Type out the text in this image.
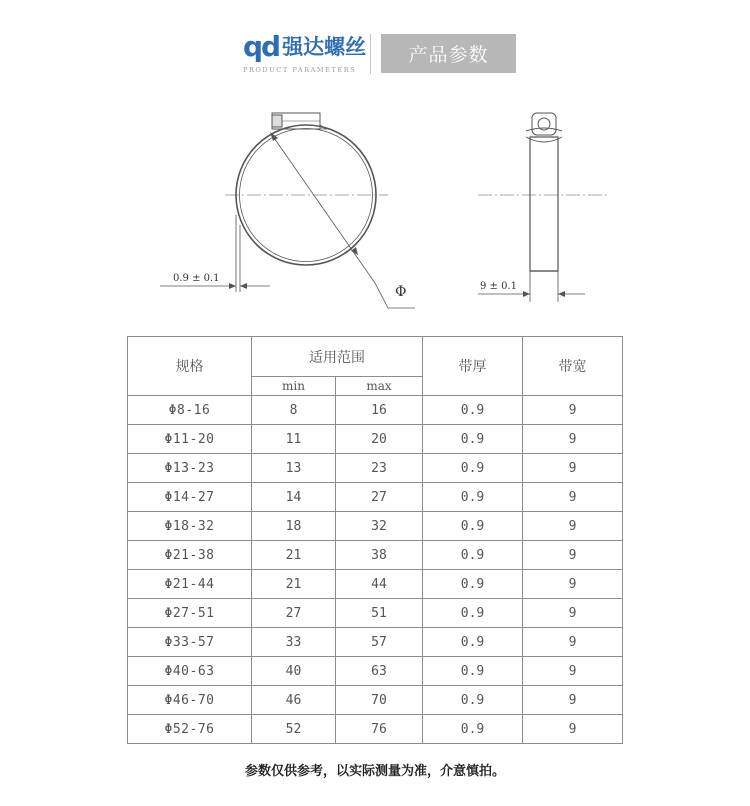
qd 强达螺丝
PRODUCT PARAMETERS
产品参数
0.9 ± 0.1
Φ	9 ± 0.1
规格	适用范围		带厚	带宽
	min	max		
Φ8-16	8	16	0.9	9
Φ11-20	11	20	0.9	9
Φ13-23	13	23	0.9	9
Φ14-27	14	27	0.9	9
Φ18-32	18	32	0.9	9
Φ21-38	21	38	0.9	9
Φ21-44	21	44	0.9	9
Φ27-51	27	51	0.9	9
Φ33-57	33	57	0.9	9
Φ40-63	40	63	0.9	9
Φ46-70	46	70	0.9	9
Φ52-76	52	76	0.9	9
参数仅供参考，以实际测量为准，介意慎拍。
